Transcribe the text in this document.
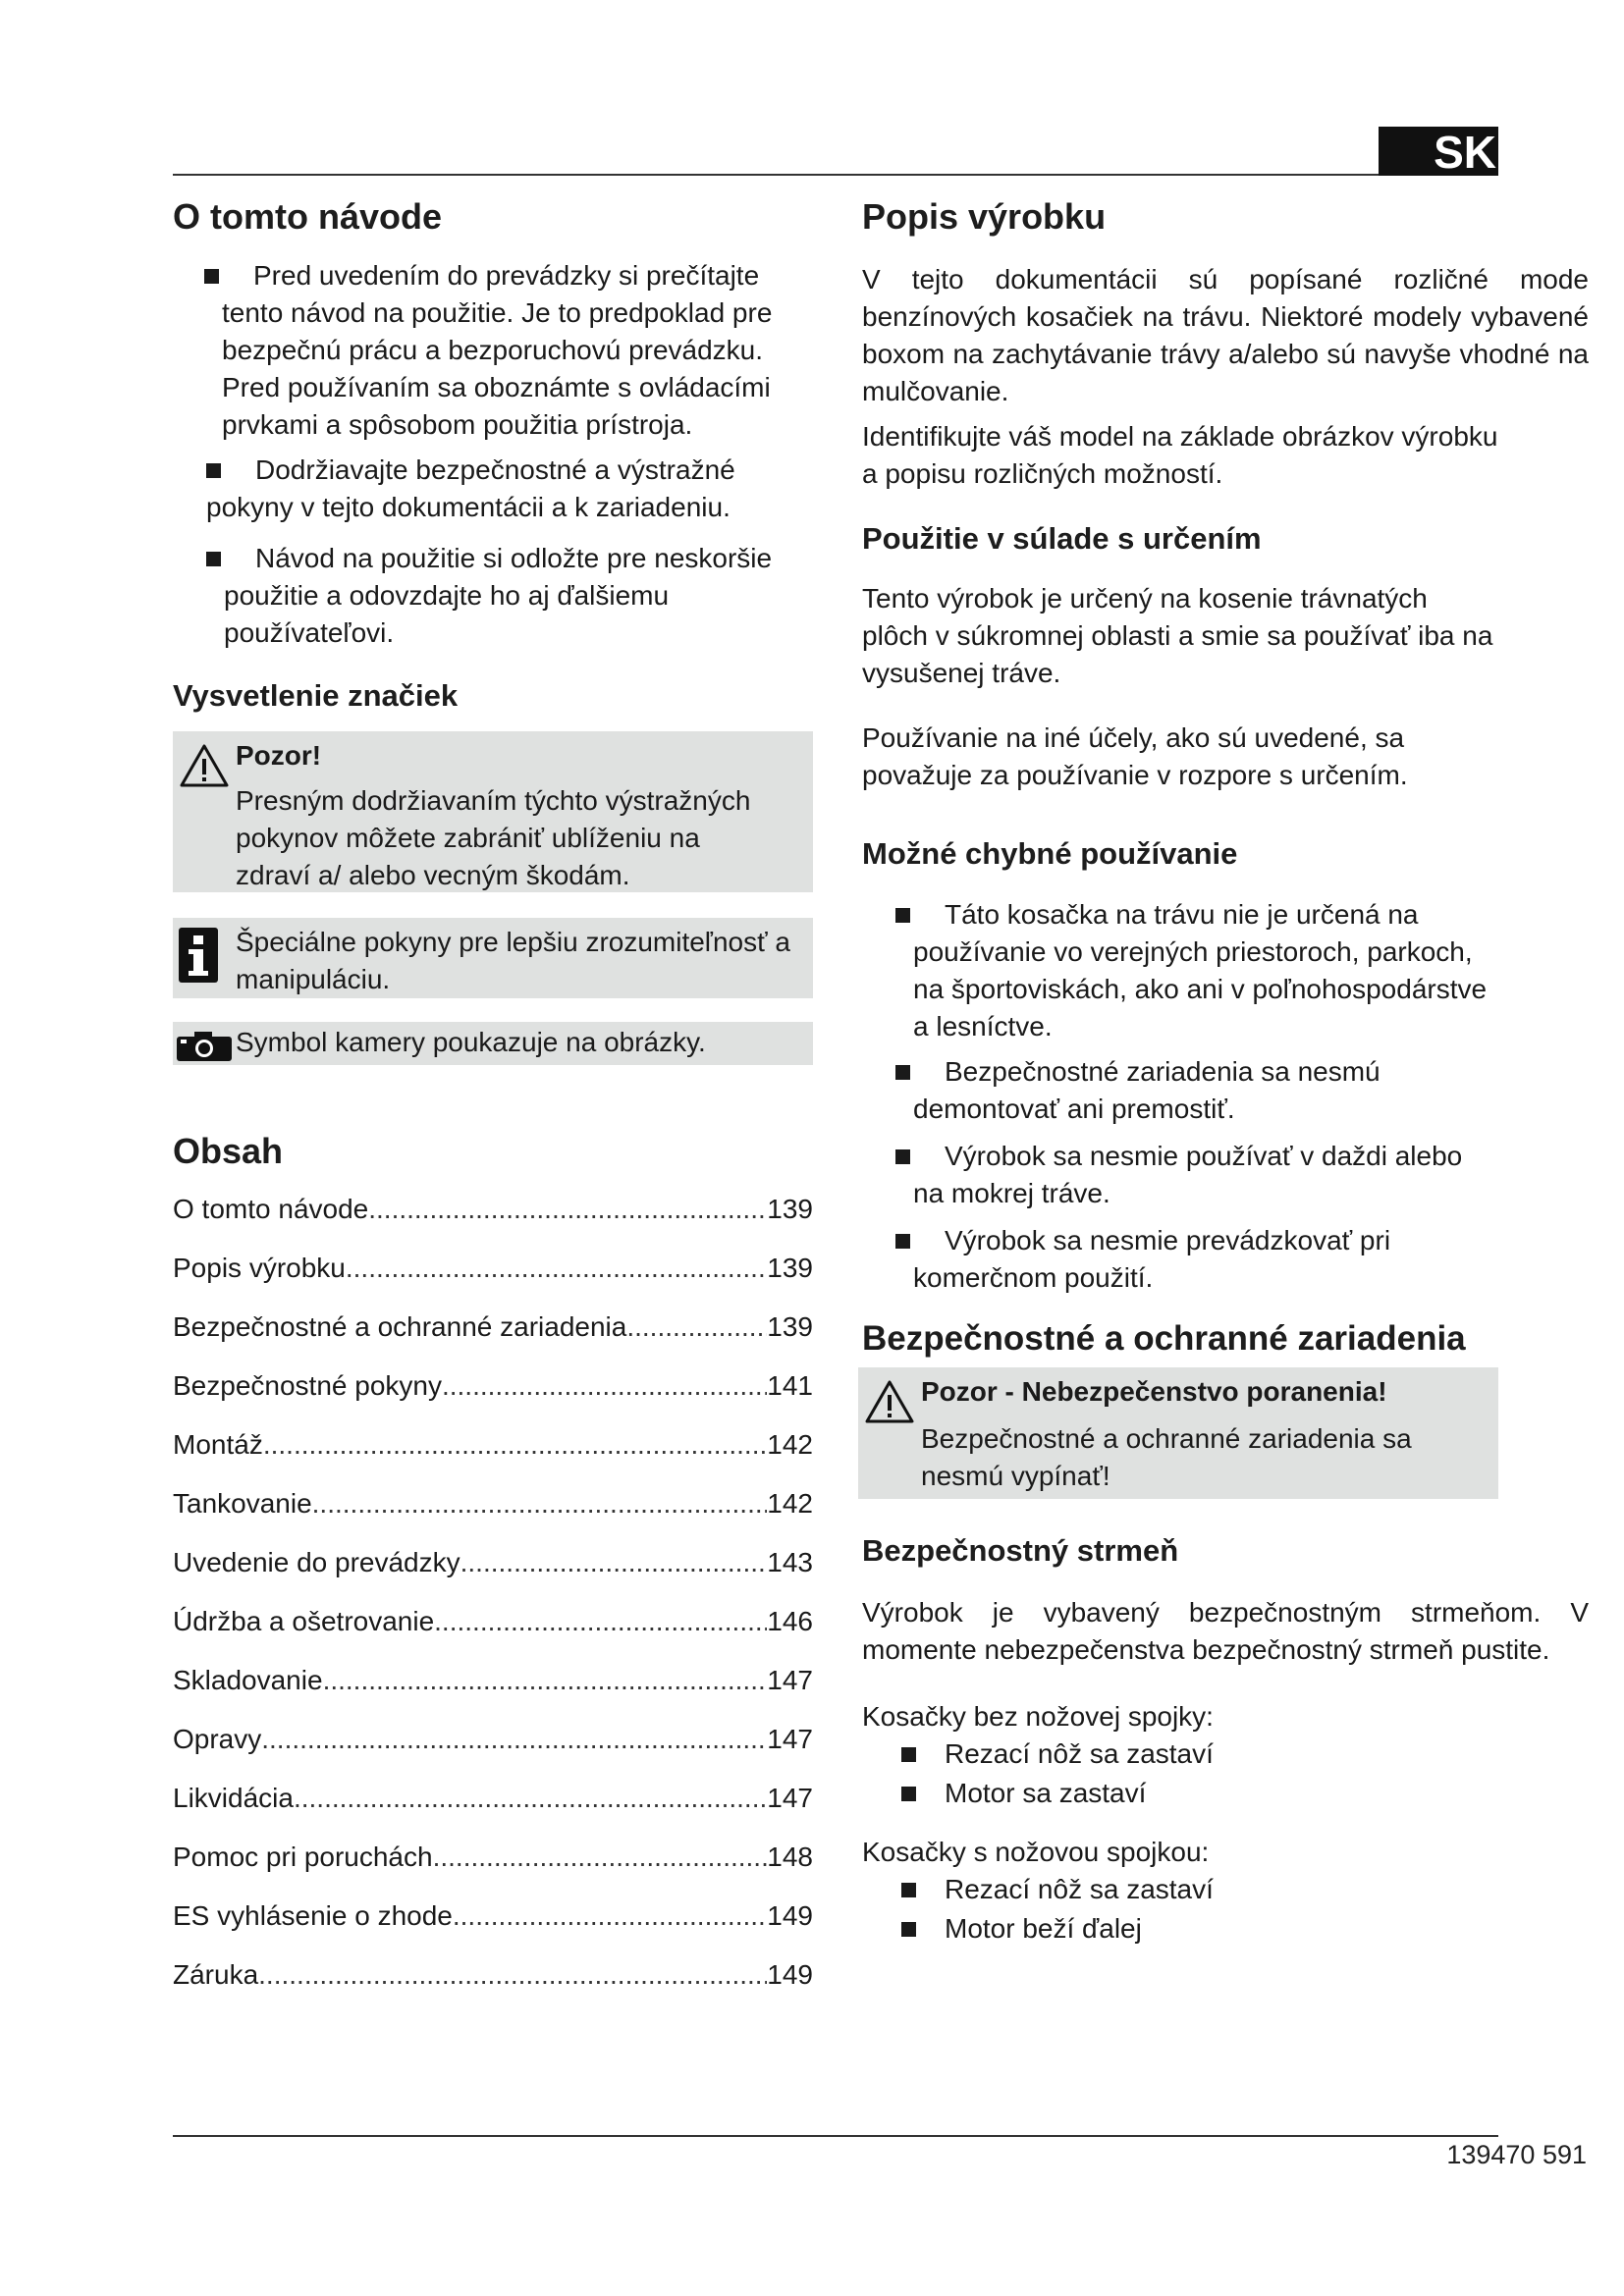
SK
O tomto návode
Pred uvedením do prevádzky si prečítajte tento návod na použitie. Je to predpoklad pre bezpečnú prácu a bezporuchovú prevádzku. Pred používaním sa oboznámte s ovládacími prvkami a spôsobom použitia prístroja.
Dodržiavajte bezpečnostné a výstražné pokyny v tejto dokumentácii a k zariadeniu.
Návod na použitie si odložte pre neskoršie použitie a odovzdajte ho aj ďalšiemu používateľovi.
Vysvetlenie značiek
Pozor!

Presným dodržiavaním týchto výstražných pokynov môžete zabrániť ublíženiu na zdraví a/ alebo vecným škodám.

Špeciálne pokyny pre lepšiu zrozumiteľnosť a manipuláciu.

Symbol kamery poukazuje na obrázky.

Obsah
O tomto návode .....	139
Popis výrobku .....	139
Bezpečnostné a ochranné zariadenia .....	139
Bezpečnostné pokyny .....	141
Montáž .....	142
Tankovanie .....	142
Uvedenie do prevádzky .....	143
Údržba a ošetrovanie .....	146
Skladovanie .....	147
Opravy .....	147
Likvidácia .....	147
Pomoc pri poruchách .....	148
ES vyhlásenie o zhode .....	149
Záruka .....	149
Popis výrobku

V tejto dokumentácii sú popísané rozličné mode benzínových kosačiek na trávu. Niektoré modely vybavené boxom na zachytávanie trávy a/alebo sú navyše vhodné na mulčovanie.

Identifikujte váš model na základe obrázkov výrobku a popisu rozličných možností.

Použitie v súlade s určením

Tento výrobok je určený na kosenie trávnatých plôch v súkromnej oblasti a smie sa používať iba na vysušenej tráve.

Používanie na iné účely, ako sú uvedené, sa považuje za používanie v rozpore s určením.

Možné chybné používanie
Táto kosačka na trávu nie je určená na používanie vo verejných priestoroch, parkoch, na športoviskách, ako ani v poľnohospodárstve a lesníctve.
Bezpečnostné zariadenia sa nesmú demontovať ani premostiť.
Výrobok sa nesmie používať v daždi alebo na mokrej tráve.
Výrobok sa nesmie prevádzkovať pri komerčnom použití.
Bezpečnostné a ochranné zariadenia
Pozor - Nebezpečenstvo poranenia!

Bezpečnostné a ochranné zariadenia sa nesmú vypínať!

Bezpečnostný strmeň

Výrobok je vybavený bezpečnostným strmeňom. V momente nebezpečenstva bezpečnostný strmeň pustite.

Kosačky bez nožovej spojky:

Rezací nôž sa zastaví
Motor sa zastaví

Kosačky s nožovou spojkou:

Rezací nôž sa zastaví
Motor beží ďalej
139470 591
